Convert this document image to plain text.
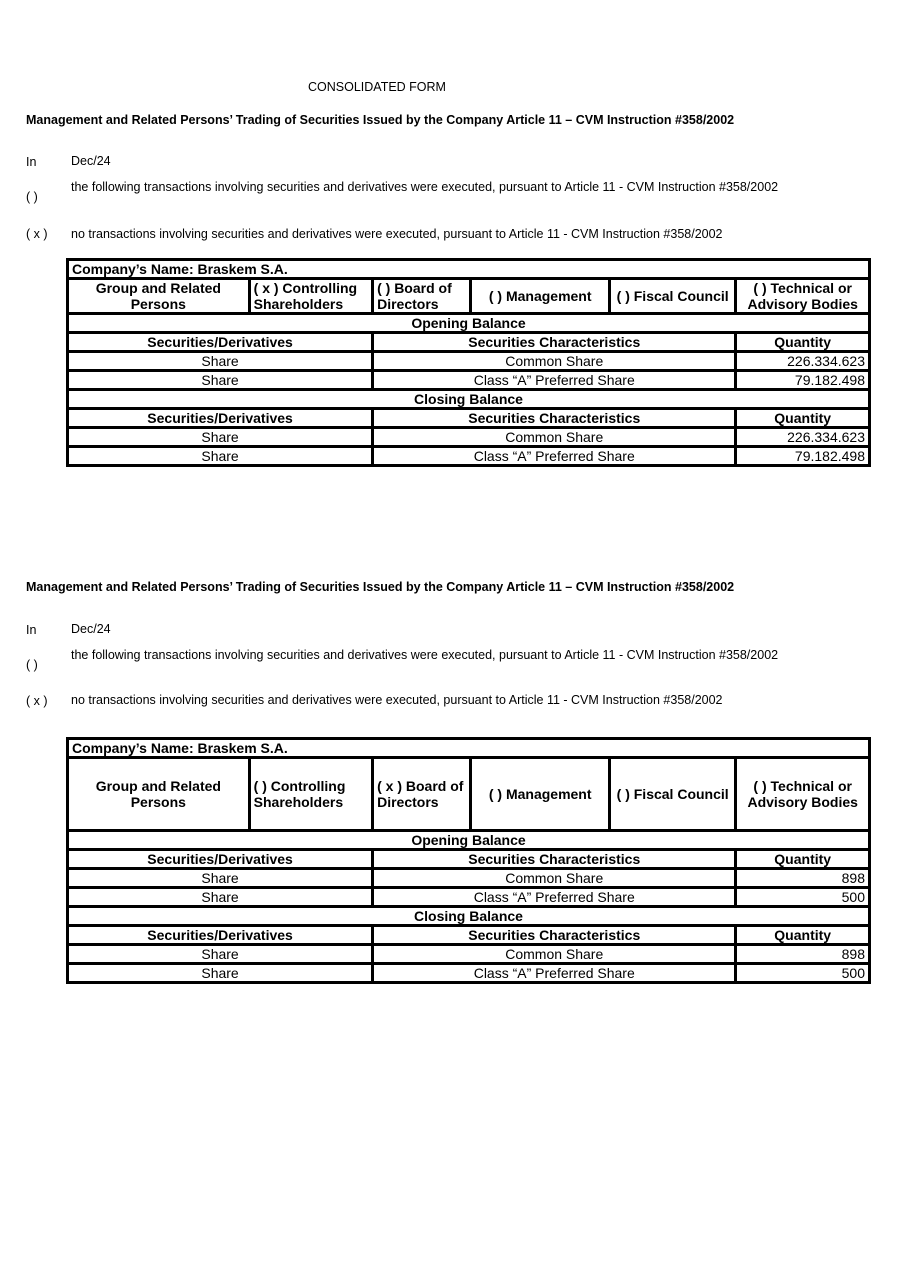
CONSOLIDATED FORM
Management and Related Persons’ Trading of Securities Issued by the Company Article 11 – CVM Instruction #358/2002
In	Dec/24
( )
the following transactions involving securities and derivatives were executed, pursuant to Article 11 - CVM Instruction #358/2002
( x ) no transactions involving securities and derivatives were executed, pursuant to Article 11 - CVM Instruction #358/2002
Company’s Name: Braskem S.A.					
Group and Related Persons	( x ) Controlling Shareholders	( ) Board of Directors	( ) Management	( ) Fiscal Council	( ) Technical or Advisory Bodies
Opening Balance					
Securities/Derivatives		Securities Characteristics			Quantity
Share		Common Share			226.334.623
Share		Class “A” Preferred Share			79.182.498
Closing Balance					
Securities/Derivatives		Securities Characteristics			Quantity
Share		Common Share			226.334.623
Share		Class “A” Preferred Share			79.182.498
Management and Related Persons’ Trading of Securities Issued by the Company Article 11 – CVM Instruction #358/2002
In	Dec/24
( )
the following transactions involving securities and derivatives were executed, pursuant to Article 11 - CVM Instruction #358/2002
( x ) no transactions involving securities and derivatives were executed, pursuant to Article 11 - CVM Instruction #358/2002
Company’s Name: Braskem S.A.					
Group and Related Persons	( ) Controlling Shareholders	( x ) Board of Directors	( ) Management	( ) Fiscal Council	( ) Technical or Advisory Bodies
Opening Balance					
Securities/Derivatives		Securities Characteristics			Quantity
Share		Common Share			898
Share		Class “A” Preferred Share			500
Closing Balance					
Securities/Derivatives		Securities Characteristics			Quantity
Share		Common Share			898
Share		Class “A” Preferred Share			500
